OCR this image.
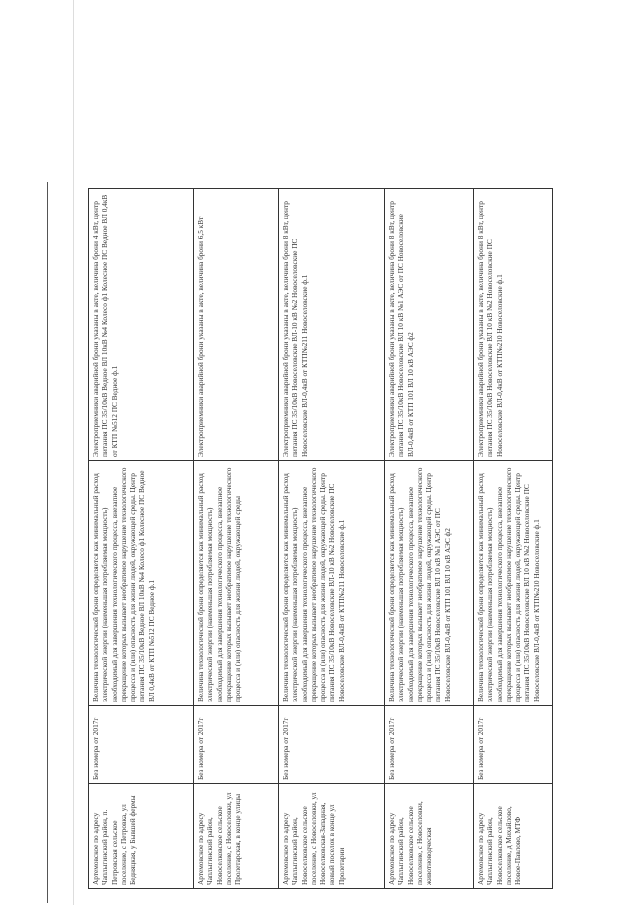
Артемовское по адресу Чаплыгинский район, п. Петровская сельское поселение, с Петровка, ул Бедняцкая, у Бывшей фермы	Без номера от 2017г	Величина технологической брони определяется как минимальный расход электрической энергии (наименьшая потребляемая мощность) необходимый для завершения технологического процесса, внезапное прекращение которых вызывает необратимое нарушение технологического процесса и (или) опасность для жизни людей, окружающей среды. Центр питания ПС 35/10кВ Ведное ВЛ 10кВ №4 Колесо ф1 Колесное ПС Ведное ВЛ 0,4кВ от КТП №512 ПС Ведное ф.1	Электроприемники аварийной брони указаны в акте, величина брони 4 кВт, центр питания ПС 35/10кВ Ведное ВЛ 10кВ №4 Колесо ф1 Колесное ПС Ведное ВЛ 0,4кВ от КТП №512 ПС Ведное ф.1
Артемовское по адресу Чаплыгинский район, Новоселковское сельское поселение, с Новоселовки, ул Пролетарская, в конце улицы	Без номера от 2017г	Величина технологической брони определяется как минимальный расход электрической энергии (наименьшая потребляемая мощность) необходимый для завершения технологического процесса, внезапное прекращение которых вызывает необратимое нарушение технологического процесса и (или) опасность для жизни людей, окружающей среды	Электроприемники аварийной брони указаны в акте, величина брони 6,5 кВт
Артемовское по адресу Чаплыгинский район, Новоселковское сельское поселение, с Новоселовки, ул Новоселковская-Западная, новый поселок в конце ул Пролетарии	Без номера от 2017г	Величина технологической брони определяется как минимальный расход электрической энергии (наименьшая потребляемая мощность) необходимый для завершения технологического процесса, внезапное прекращение которых вызывает необратимое нарушение технологического процесса и (или) опасность для жизни людей, окружающей среды. Центр питания ПС 35/10кВ Новоселовские ВЛ-10 кВ №2 Новоселовские ПС Новоселовские ВЛ-0,4кВ от КТП№211 Новоселовские ф.1	Электроприемники аварийной брони указаны в акте, величина брони 8 кВт, центр питания ПС 35/10кВ Новоселовские ВЛ-10 кВ №2 Новоселовские ПС Новоселовские ВЛ-0,4кВ от КТП№211 Новоселовские ф.1
Артемовское по адресу Чаплыгинский район, Новоселковское сельское поселение, с Новоселовки, животноводческая	Без номера от 2017г	Величина технологической брони определяется как минимальный расход электрической энергии (наименьшая потребляемая мощность) необходимый для завершения технологического процесса, внезапное прекращение которых вызывает необратимое нарушение технологического процесса и (или) опасность для жизни людей, окружающей среды. Центр питания ПС 35/10кВ Новоселовские ВЛ 10 кВ №1 АЭС от ПС Новоселовские ВЛ-0,4кВ от КТП 101 ВЛ 10 кВ АЭС ф2	Электроприемники аварийной брони указаны в акте, величина брони 8 кВт, центр питания ПС 35/10кВ Новоселовские ВЛ 10 кВ №1 АЭС от ПС Новоселовские ВЛ-0,4кВ от КТП 101 ВЛ 10 кВ АЭС ф2
Артемовское по адресу Чаплыгинский район, Новоселковское сельское поселение, д Михайлово, Новое-Павлово, МТФ	Без номера от 2017г	Величина технологической брони определяется как минимальный расход электрической энергии (наименьшая потребляемая мощность) необходимый для завершения технологического процесса, внезапное прекращение которых вызывает необратимое нарушение технологического процесса и (или) опасность для жизни людей, окружающей среды. Центр питания ПС 35/10кВ Новоселовские ВЛ 10 кВ №2 Новоселовские ПС Новоселовские ВЛ-0,4кВ от КТП№210 Новоселовские ф.1	Электроприемники аварийной брони указаны в акте, величина брони 8 кВт, центр питания ПС 35/10кВ Новоселовские ВЛ 10 кВ №2 Новоселовские ПС Новоселовские ВЛ-0,4кВ от КТП№210 Новоселовские ф.1
